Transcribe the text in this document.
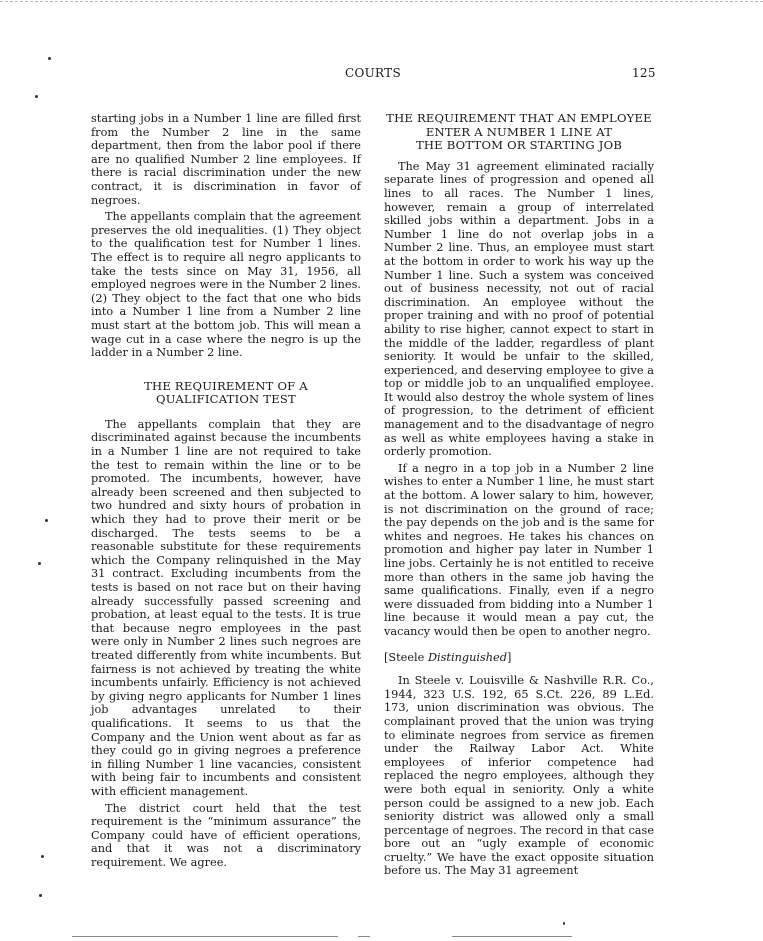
COURTS	125

starting jobs in a Number 1 line are filled first from the Number 2 line in the same department, then from the labor pool if there are no qualified Number 2 line employees. If there is racial discrimination under the new contract, it is discrimination in favor of negroes.

The appellants complain that the agreement preserves the old inequalities. (1) They object to the qualification test for Number 1 lines. The effect is to require all negro applicants to take the tests since on May 31, 1956, all employed negroes were in the Number 2 lines. (2) They object to the fact that one who bids into a Number 1 line from a Number 2 line must start at the bottom job. This will mean a wage cut in a case where the negro is up the ladder in a Number 2 line.

THE REQUIREMENT OF A
QUALIFICATION TEST

The appellants complain that they are discriminated against because the incumbents in a Number 1 line are not required to take the test to remain within the line or to be promoted. The incumbents, however, have already been screened and then subjected to two hundred and sixty hours of probation in which they had to prove their merit or be discharged. The tests seems to be a reasonable substitute for these requirements which the Company relinquished in the May 31 contract. Excluding incumbents from the tests is based on not race but on their having already successfully passed screening and probation, at least equal to the tests. It is true that because negro employees in the past were only in Number 2 lines such negroes are treated differently from white incumbents. But fairness is not achieved by treating the white incumbents unfairly. Efficiency is not achieved by giving negro applicants for Number 1 lines job advantages unrelated to their qualifications. It seems to us that the Company and the Union went about as far as they could go in giving negroes a preference in filling Number 1 line vacancies, consistent with being fair to incumbents and consistent with efficient management.

The district court held that the test requirement is the “minimum assurance” the Company could have of efficient operations, and that it was not a discriminatory requirement. We agree.

THE REQUIREMENT THAT AN EMPLOYEE
ENTER A NUMBER 1 LINE AT
THE BOTTOM OR STARTING JOB

The May 31 agreement eliminated racially separate lines of progression and opened all lines to all races. The Number 1 lines, however, remain a group of interrelated skilled jobs within a department. Jobs in a Number 1 line do not overlap jobs in a Number 2 line. Thus, an employee must start at the bottom in order to work his way up the Number 1 line. Such a system was conceived out of business necessity, not out of racial discrimination. An employee without the proper training and with no proof of potential ability to rise higher, cannot expect to start in the middle of the ladder, regardless of plant seniority. It would be unfair to the skilled, experienced, and deserving employee to give a top or middle job to an unqualified employee. It would also destroy the whole system of lines of progression, to the detriment of efficient management and to the disadvantage of negro as well as white employees having a stake in orderly promotion.

If a negro in a top job in a Number 2 line wishes to enter a Number 1 line, he must start at the bottom. A lower salary to him, however, is not discrimination on the ground of race; the pay depends on the job and is the same for whites and negroes. He takes his chances on promotion and higher pay later in Number 1 line jobs. Certainly he is not entitled to receive more than others in the same job having the same qualifications. Finally, even if a negro were dissuaded from bidding into a Number 1 line because it would mean a pay cut, the vacancy would then be open to another negro.

[Steele Distinguished]

In Steele v. Louisville & Nashville R.R. Co., 1944, 323 U.S. 192, 65 S.Ct. 226, 89 L.Ed. 173, union discrimination was obvious. The complainant proved that the union was trying to eliminate negroes from service as firemen under the Railway Labor Act. White employees of inferior competence had replaced the negro employees, although they were both equal in seniority. Only a white person could be assigned to a new job. Each seniority district was allowed only a small percentage of negroes. The record in that case bore out an “ugly example of economic cruelty.” We have the exact opposite situation before us. The May 31 agreement
